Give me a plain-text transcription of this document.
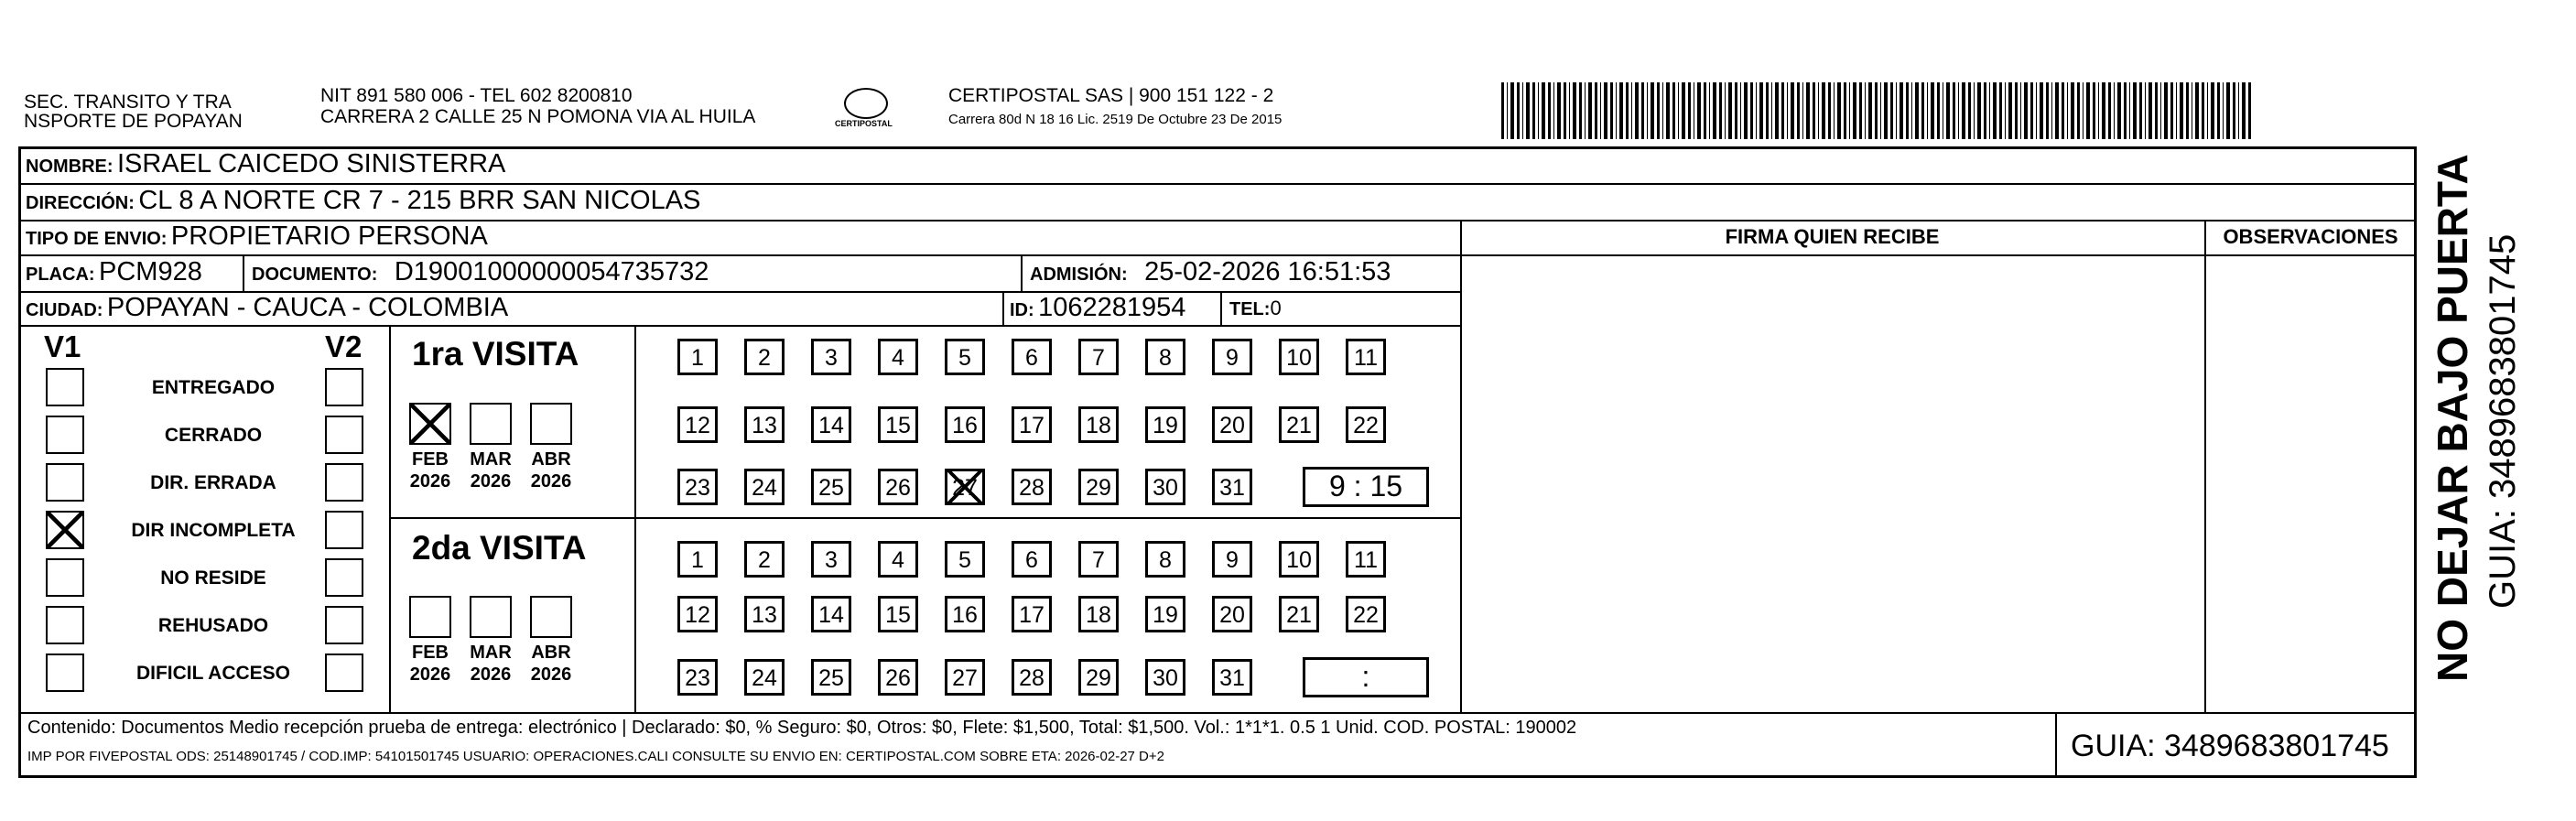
SEC. TRANSITO Y TRA
NSPORTE DE POPAYAN
NIT 891 580 006 - TEL 602 8200810
CARRERA 2 CALLE 25 N POMONA VIA AL HUILA	CERTIPOSTAL
CERTIPOSTAL SAS | 900 151 122 - 2
Carrera 80d N 18 16 Lic. 2519 De Octubre 23 De 2015
NOMBRE: ISRAEL CAICEDO SINISTERRA
DIRECCIÓN: CL 8 A NORTE CR 7 - 215 BRR SAN NICOLAS
TIPO DE ENVIO: PROPIETARIO PERSONA	FIRMA QUIEN RECIBE	OBSERVACIONES
PLACA: PCM928	DOCUMENTO: D19001000000054735732	ADMISIÓN: 25-02-2026 16:51:53
CIUDAD: POPAYAN - CAUCA - COLOMBIA	ID: 1062281954 TEL:0
V1	V2
ENTREGADO
CERRADO
DIR. ERRADA
DIR INCOMPLETA
NO RESIDE
REHUSADO
DIFICIL ACCESO
1ra VISITA
FEB
2026
MAR
2026
ABR
2026
1	2	3	4	5	6	7	8	9	10	11
12	13	14	15	16	17	18	19	20	21	22
23	24	25	26	27	28	29	30	31	9 : 15
2da VISITA
FEB
2026
MAR
2026
ABR
2026
1	2	3	4	5	6	7	8	9	10	11
12	13	14	15	16	17	18	19	20	21	22
23	24	25	26	27	28	29	30	31	:
Contenido: Documentos Medio recepción prueba de entrega: electrónico | Declarado: $0, % Seguro: $0, Otros: $0, Flete: $1,500, Total: $1,500. Vol.: 1*1*1. 0.5 1 Unid. COD. POSTAL: 190002
IMP POR FIVEPOSTAL ODS: 25148901745 / COD.IMP: 54101501745 USUARIO: OPERACIONES.CALI CONSULTE SU ENVIO EN: CERTIPOSTAL.COM SOBRE ETA: 2026-02-27 D+2	GUIA: 3489683801745
NO DEJAR BAJO PUERTA GUIA: 3489683801745
